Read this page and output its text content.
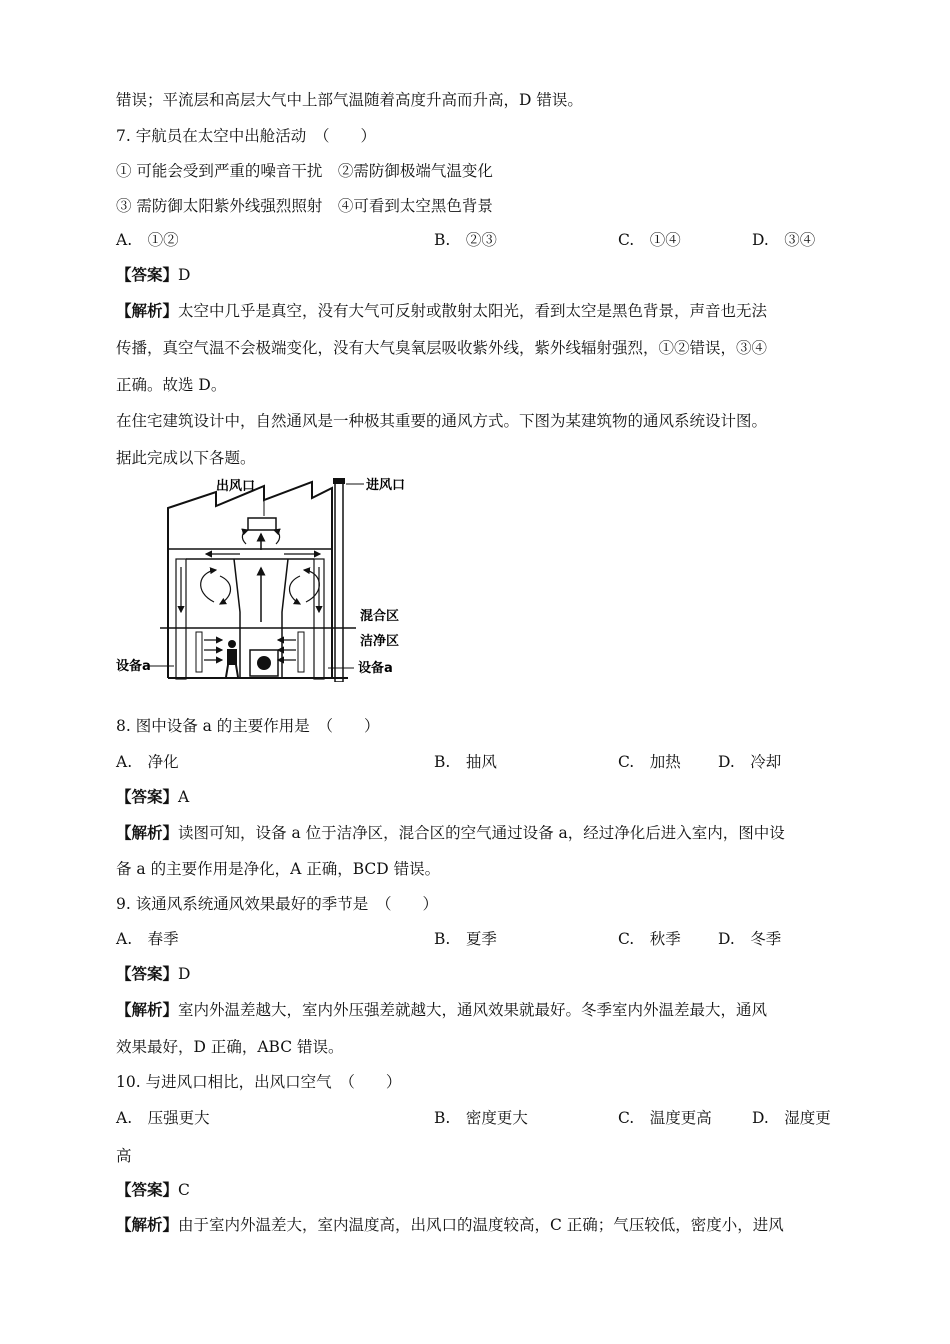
错误；平流层和高层大气中上部气温随着高度升高而升高，D 错误。
7. 宇航员在太空中出舱活动　（　　）
① 可能会受到严重的噪音干扰　②需防御极端气温变化
③ 需防御太阳紫外线强烈照射　④可看到太空黑色背景
A.　①②	B.　②③	C.　①④	D.　③④
【答案】D
【解析】太空中几乎是真空，没有大气可反射或散射太阳光，看到太空是黑色背景，声音也无法
传播，真空气温不会极端变化，没有大气臭氧层吸收紫外线，紫外线辐射强烈，①②错误，③④
正确。故选 D。
在住宅建筑设计中，自然通风是一种极其重要的通风方式。下图为某建筑物的通风系统设计图。
据此完成以下各题。
出风口	进风口
混合区
洁净区
设备a	设备a
8. 图中设备 a 的主要作用是　（　　）
A.　净化	B.　抽风	C.　加热 D.　冷却
【答案】A
【解析】读图可知，设备 a 位于洁净区，混合区的空气通过设备 a，经过净化后进入室内，图中设
备 a 的主要作用是净化，A 正确，BCD 错误。
9. 该通风系统通风效果最好的季节是　（　　）
A.　春季	B.　夏季	C.　秋季 D.　冬季
【答案】D
【解析】室内外温差越大，室内外压强差就越大，通风效果就最好。冬季室内外温差最大，通风
效果最好，D 正确，ABC 错误。
10. 与进风口相比，出风口空气　（　　）
A.　压强更大	B.　密度更大	C.　温度更高	D.　湿度更
高
【答案】C
【解析】由于室内外温差大，室内温度高，出风口的温度较高，C 正确；气压较低，密度小，进风
